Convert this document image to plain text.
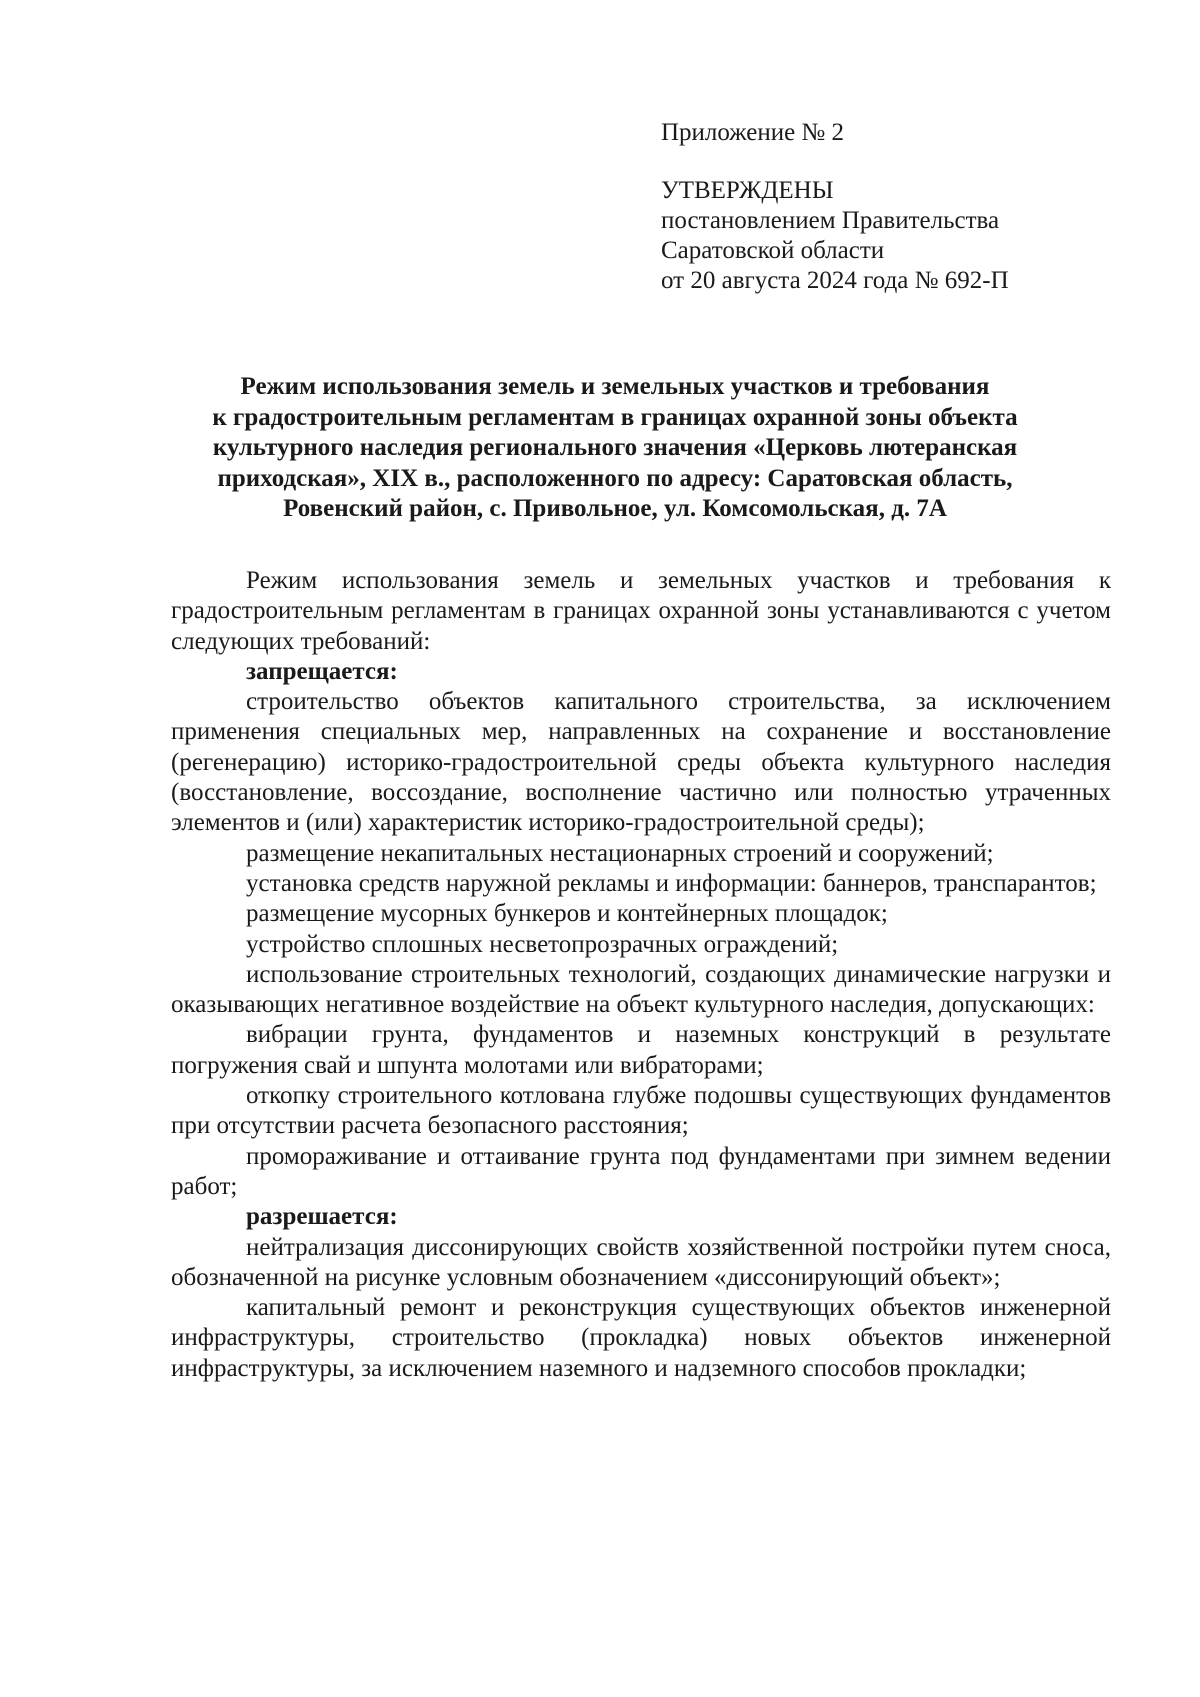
Приложение № 2
УТВЕРЖДЕНЫ
постановлением Правительства
Саратовской области
от 20 августа 2024 года № 692-П
Режим использования земель и земельных участков и требования
к градостроительным регламентам в границах охранной зоны объекта
культурного наследия регионального значения «Церковь лютеранская
приходская», XIX в., расположенного по адресу: Саратовская область,
Ровенский район, с. Привольное, ул. Комсомольская, д. 7А

Режим использования земель и земельных участков и требования к градостроительным регламентам в границах охранной зоны устанавливаются с учетом следующих требований:

запрещается:

строительство объектов капитального строительства, за исключением применения специальных мер, направленных на сохранение и восстановление (регенерацию) историко-градостроительной среды объекта культурного наследия (восстановление, воссоздание, восполнение частично или полностью утраченных элементов и (или) характеристик историко-градостроительной среды);

размещение некапитальных нестационарных строений и сооружений;

установка средств наружной рекламы и информации: баннеров, транспарантов;

размещение мусорных бункеров и контейнерных площадок;

устройство сплошных несветопрозрачных ограждений;

использование строительных технологий, создающих динамические нагрузки и оказывающих негативное воздействие на объект культурного наследия, допускающих:

вибрации грунта, фундаментов и наземных конструкций в результате погружения свай и шпунта молотами или вибраторами;

откопку строительного котлована глубже подошвы существующих фундаментов при отсутствии расчета безопасного расстояния;

промораживание и оттаивание грунта под фундаментами при зимнем ведении работ;

разрешается:

нейтрализация диссонирующих свойств хозяйственной постройки путем сноса, обозначенной на рисунке условным обозначением «диссонирующий объект»;

капитальный ремонт и реконструкция существующих объектов инженерной инфраструктуры, строительство (прокладка) новых объектов инженерной инфраструктуры, за исключением наземного и надземного способов прокладки;
